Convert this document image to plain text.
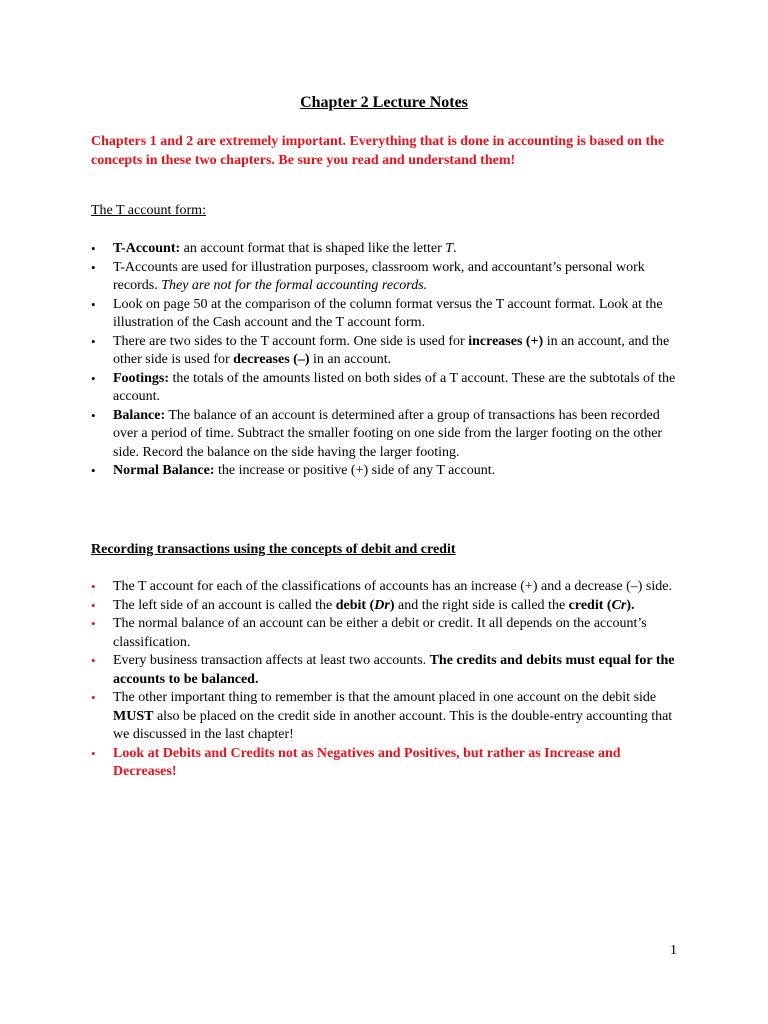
Chapter 2 Lecture Notes
Chapters 1 and 2 are extremely important. Everything that is done in accounting is based on the concepts in these two chapters. Be sure you read and understand them!
The T account form:
•	T-Account: an account format that is shaped like the letter T.
•	T-Accounts are used for illustration purposes, classroom work, and accountant’s personal work records. They are not for the formal accounting records.
•	Look on page 50 at the comparison of the column format versus the T account format. Look at the illustration of the Cash account and the T account form.
•	There are two sides to the T account form. One side is used for increases (+) in an account, and the other side is used for decreases (–) in an account.
•	Footings: the totals of the amounts listed on both sides of a T account. These are the subtotals of the account.
•	Balance: The balance of an account is determined after a group of transactions has been recorded over a period of time. Subtract the smaller footing on one side from the larger footing on the other side. Record the balance on the side having the larger footing.
•	Normal Balance: the increase or positive (+) side of any T account.
Recording transactions using the concepts of debit and credit
•	The T account for each of the classifications of accounts has an increase (+) and a decrease (–) side.
•	The left side of an account is called the debit (Dr) and the right side is called the credit (Cr).
•	The normal balance of an account can be either a debit or credit. It all depends on the account’s classification.
•	Every business transaction affects at least two accounts. The credits and debits must equal for the accounts to be balanced.
•	The other important thing to remember is that the amount placed in one account on the debit side MUST also be placed on the credit side in another account. This is the double-entry accounting that we discussed in the last chapter!
•	Look at Debits and Credits not as Negatives and Positives, but rather as Increase and Decreases!
1
